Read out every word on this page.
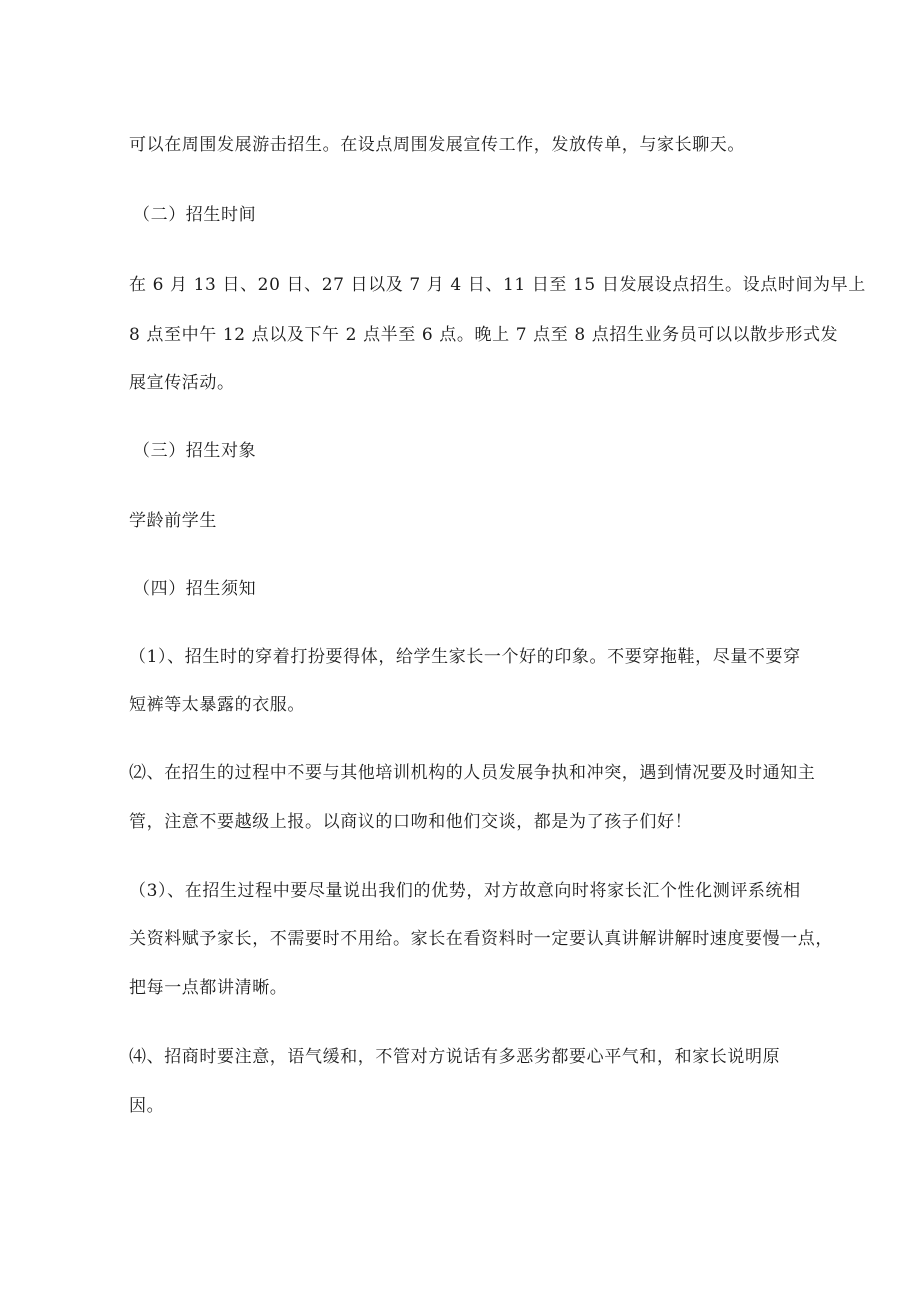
可以在周围发展游击招生。在设点周围发展宣传工作，发放传单，与家长聊天。
（二）招生时间
在 6 月 13 日、20 日、27 日以及 7 月 4 日、11 日至 15 日发展设点招生。设点时间为早上
8 点至中午 12 点以及下午 2 点半至 6 点。晚上 7 点至 8 点招生业务员可以以散步形式发
展宣传活动。
（三）招生对象
学龄前学生
（四）招生须知
（1）、招生时的穿着打扮要得体，给学生家长一个好的印象。不要穿拖鞋，尽量不要穿
短裤等太暴露的衣服。
⑵、在招生的过程中不要与其他培训机构的人员发展争执和冲突，遇到情况要及时通知主
管，注意不要越级上报。以商议的口吻和他们交谈，都是为了孩子们好！
（3）、在招生过程中要尽量说出我们的优势，对方故意向时将家长汇个性化测评系统相
关资料赋予家长，不需要时不用给。家长在看资料时一定要认真讲解讲解时速度要慢一点，
把每一点都讲清晰。
⑷、招商时要注意，语气缓和，不管对方说话有多恶劣都要心平气和，和家长说明原
因。
